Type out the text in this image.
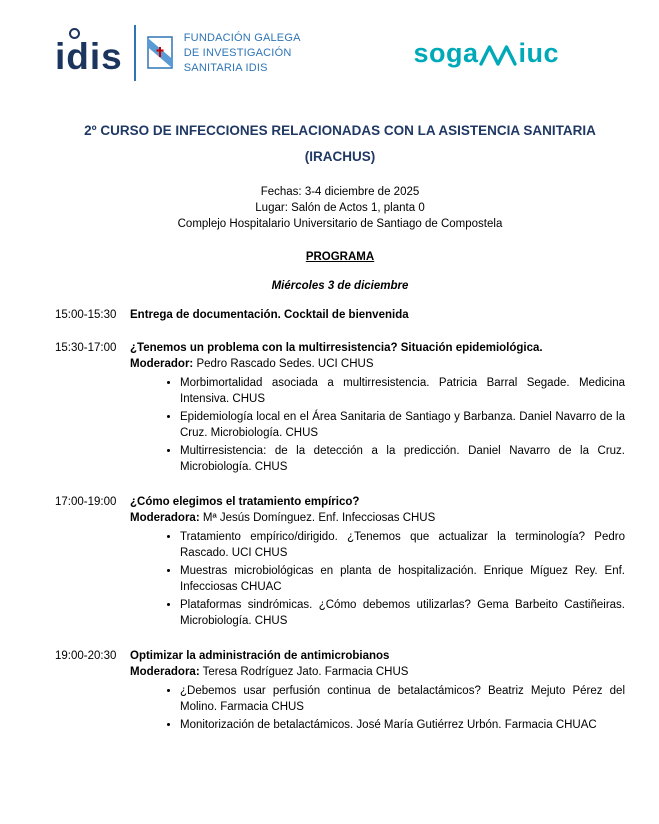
idis	FUNDACIÓN GALEGA
DE INVESTIGACIÓN
SANITARIA IDIS	soga iuc
2º CURSO DE INFECCIONES RELACIONADAS CON LA ASISTENCIA SANITARIA (IRACHUS)
Fechas: 3-4 diciembre de 2025
Lugar: Salón de Actos 1, planta 0
Complejo Hospitalario Universitario de Santiago de Compostela
PROGRAMA
Miércoles 3 de diciembre
15:00-15:30	Entrega de documentación. Cocktail de bienvenida
15:30-17:00	¿Tenemos un problema con la multirresistencia? Situación epidemiológica.
Moderador: Pedro Rascado Sedes. UCI CHUS
• Morbimortalidad asociada a multirresistencia. Patricia Barral Segade. Medicina Intensiva. CHUS
• Epidemiología local en el Área Sanitaria de Santiago y Barbanza. Daniel Navarro de la Cruz. Microbiología. CHUS
• Multirresistencia: de la detección a la predicción. Daniel Navarro de la Cruz. Microbiología. CHUS
17:00-19:00	¿Cómo elegimos el tratamiento empírico?
Moderadora: Mª Jesús Domínguez. Enf. Infecciosas CHUS
• Tratamiento empírico/dirigido. ¿Tenemos que actualizar la terminología? Pedro Rascado. UCI CHUS
• Muestras microbiológicas en planta de hospitalización. Enrique Míguez Rey. Enf. Infecciosas CHUAC
• Plataformas sindrómicas. ¿Cómo debemos utilizarlas? Gema Barbeito Castiñeiras. Microbiología. CHUS
19:00-20:30	Optimizar la administración de antimicrobianos
Moderadora: Teresa Rodríguez Jato. Farmacia CHUS
• ¿Debemos usar perfusión continua de betalactámicos? Beatriz Mejuto Pérez del Molino. Farmacia CHUS
• Monitorización de betalactámicos. José María Gutiérrez Urbón. Farmacia CHUAC
